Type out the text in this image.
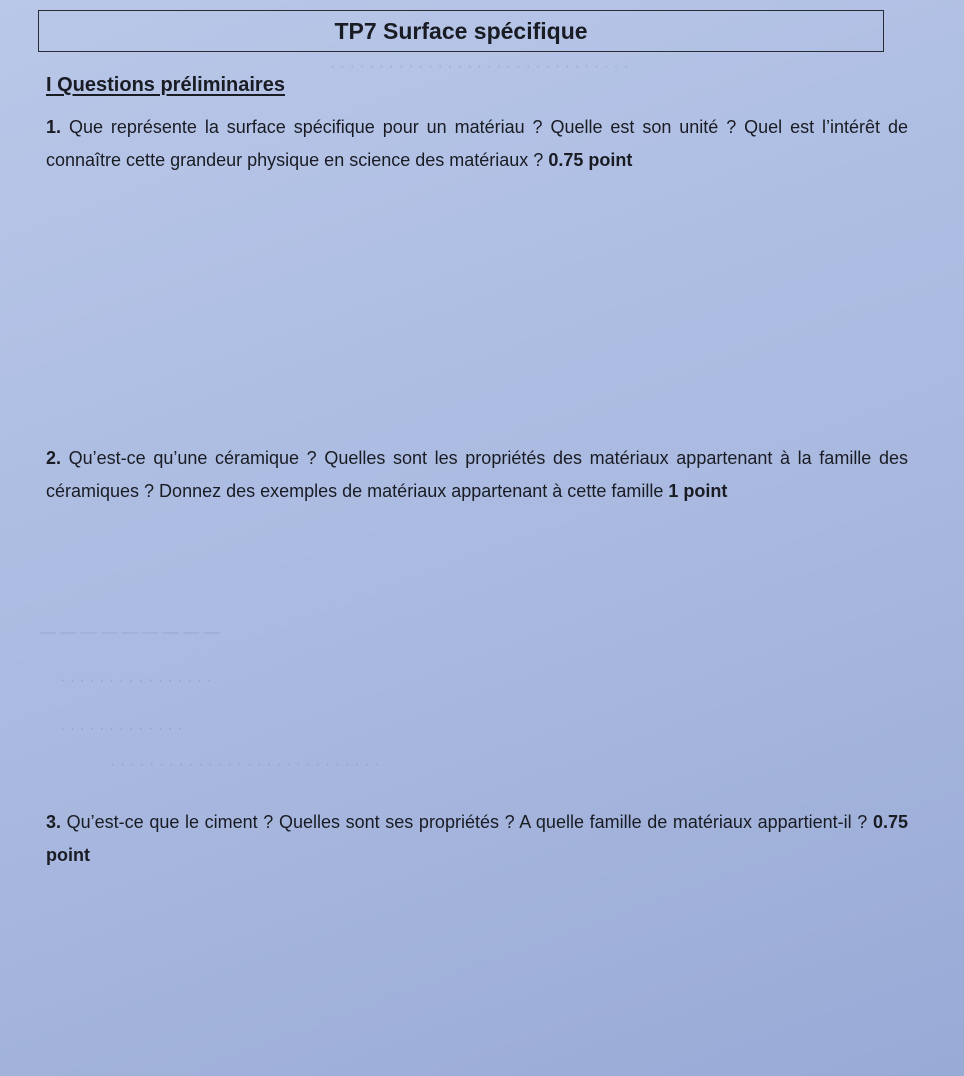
· · · · · · · · · · · · · · · · · · · · · · · · · · · · · · ·
— — — — — — — — —
· · · · · · · · · · · · · · · ·
· · · · · · · · · · · · ·
· · · · · · · · · · · · · · · · · · · · · · · · · · · ·
TP7 Surface spécifique
I Questions préliminaires
1. Que représente la surface spécifique pour un matériau ? Quelle est son unité ? Quel est l’intérêt de connaître cette grandeur physique en science des matériaux ? 0.75 point
2. Qu’est-ce qu’une céramique ? Quelles sont les propriétés des matériaux appartenant à la famille des céramiques ? Donnez des exemples de matériaux appartenant à cette famille 1 point
3. Qu’est-ce que le ciment ? Quelles sont ses propriétés ? A quelle famille de matériaux appartient-il ? 0.75 point
